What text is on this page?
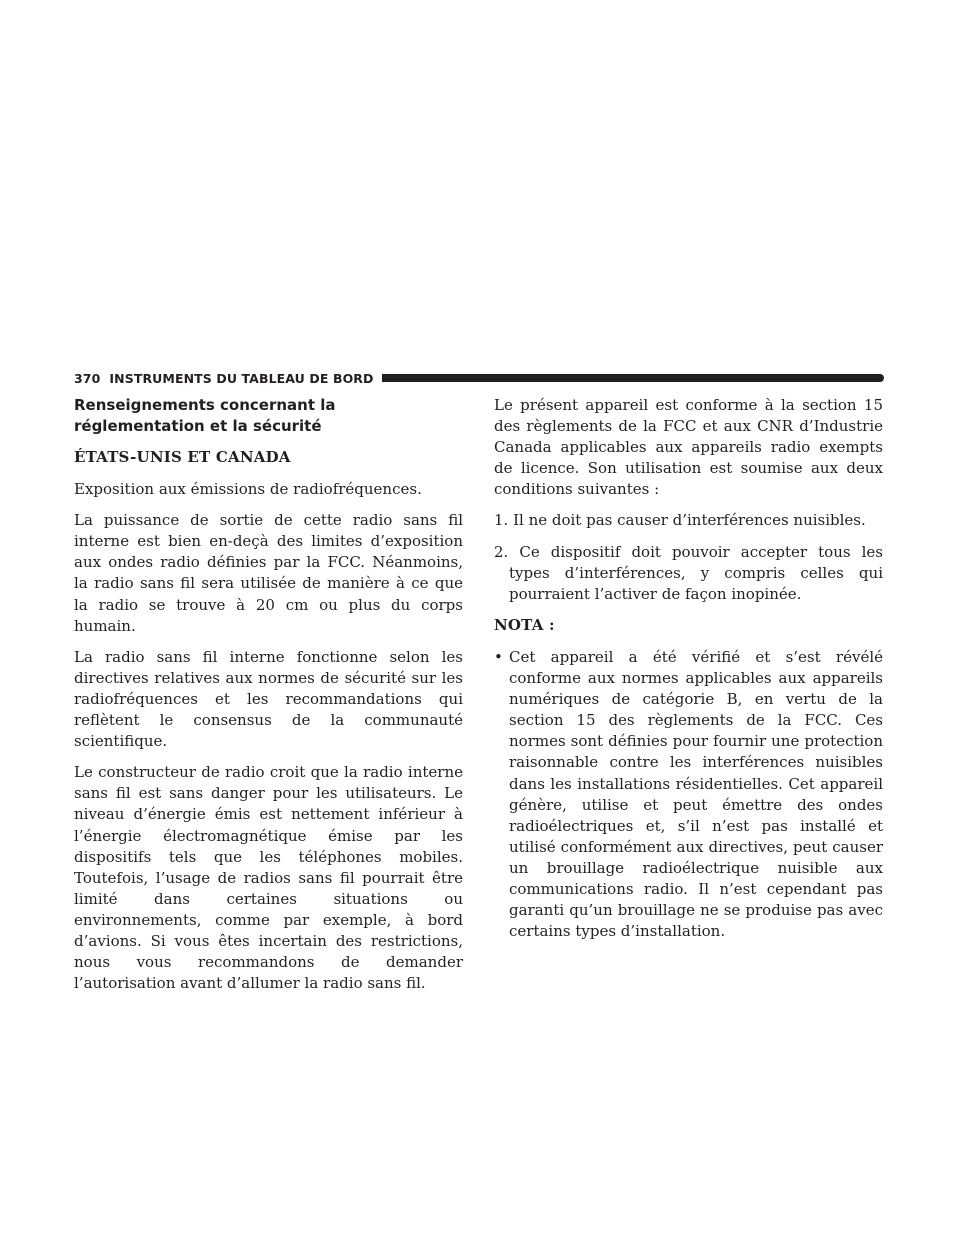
370 INSTRUMENTS DU TABLEAU DE BORD
Renseignements concernant la réglementation et la sécurité
ÉTATS-UNIS ET CANADA

Exposition aux émissions de radiofréquences.

La puissance de sortie de cette radio sans fil interne est bien en-deçà des limites d’exposition aux ondes radio définies par la FCC. Néanmoins, la radio sans fil sera utilisée de manière à ce que la radio se trouve à 20 cm ou plus du corps humain.

La radio sans fil interne fonctionne selon les directives relatives aux normes de sécurité sur les radiofréquences et les recommandations qui reflètent le consensus de la communauté scientifique.

Le constructeur de radio croit que la radio interne sans fil est sans danger pour les utilisateurs. Le niveau d’énergie émis est nettement inférieur à l’énergie électromagnétique émise par les dispositifs tels que les téléphones mobiles. Toutefois, l’usage de radios sans fil pourrait être limité dans certaines situations ou environnements, comme par exemple, à bord d’avions. Si vous êtes incertain des restrictions, nous vous recommandons de demander l’autorisation avant d’allumer la radio sans fil.

Le présent appareil est conforme à la section 15 des règlements de la FCC et aux CNR d’Industrie Canada applicables aux appareils radio exempts de licence. Son utilisation est soumise aux deux conditions suivantes :

1. Il ne doit pas causer d’interférences nuisibles.
2. Ce dispositif doit pouvoir accepter tous les types d’interférences, y compris celles qui pourraient l’activer de façon inopinée.
NOTA :
• Cet appareil a été vérifié et s’est révélé conforme aux normes applicables aux appareils numériques de catégorie B, en vertu de la section 15 des règlements de la FCC. Ces normes sont définies pour fournir une protection raisonnable contre les interférences nuisibles dans les installations résidentielles. Cet appareil génère, utilise et peut émettre des ondes radioélectriques et, s’il n’est pas installé et utilisé conformément aux directives, peut causer un brouillage radioélectrique nuisible aux communications radio. Il n’est cependant pas garanti qu’un brouillage ne se produise pas avec certains types d’installation.
